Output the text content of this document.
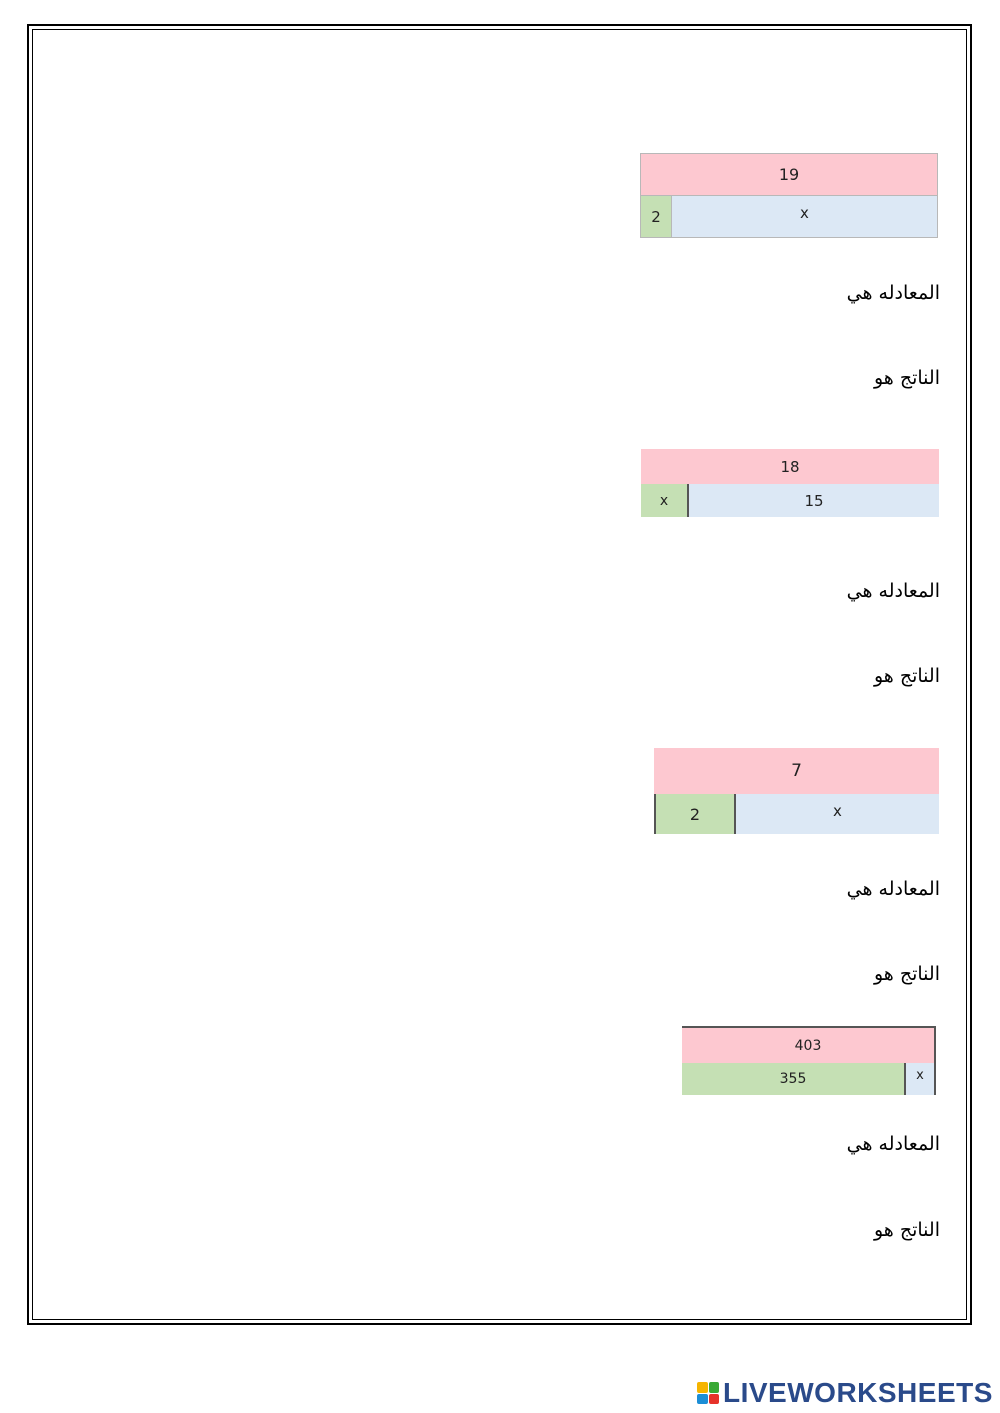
19
2	x
المعادله هي
الناتج هو
18
x	15
المعادله هي
الناتج هو
7
2	x
المعادله هي
الناتج هو
403
355	x
المعادله هي
الناتج هو
LIVEWORKSHEETS
